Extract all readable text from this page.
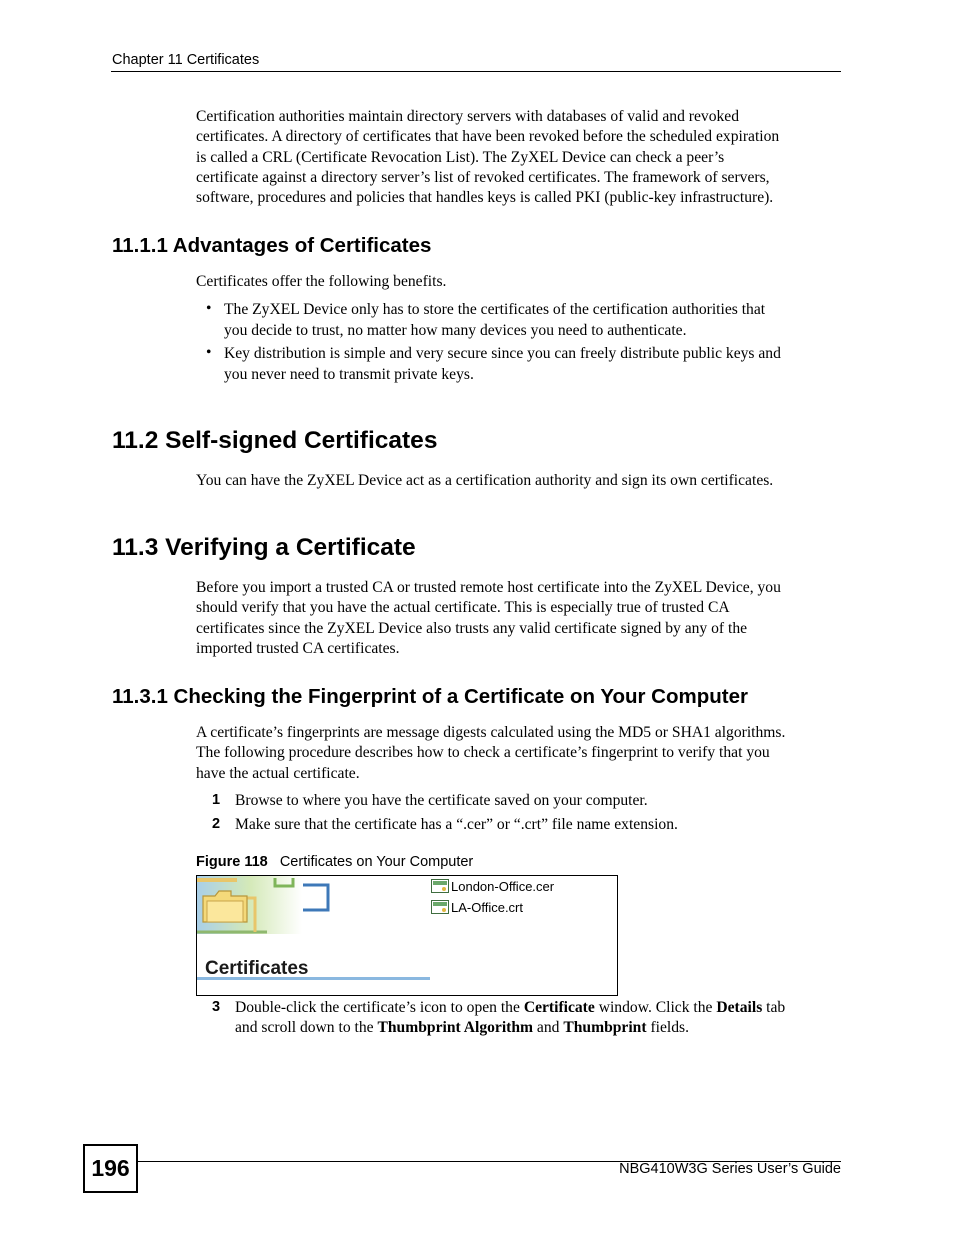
Chapter 11 Certificates
Certification authorities maintain directory servers with databases of valid and revoked
certificates. A directory of certificates that have been revoked before the scheduled expiration
is called a CRL (Certificate Revocation List). The ZyXEL Device can check a peer’s
certificate against a directory server’s list of revoked certificates. The framework of servers,
software, procedures and policies that handles keys is called PKI (public-key infrastructure).
11.1.1 Advantages of Certificates
Certificates offer the following benefits.
• The ZyXEL Device only has to store the certificates of the certification authorities that
you decide to trust, no matter how many devices you need to authenticate.
• Key distribution is simple and very secure since you can freely distribute public keys and
you never need to transmit private keys.
11.2 Self-signed Certificates
You can have the ZyXEL Device act as a certification authority and sign its own certificates.
11.3 Verifying a Certificate
Before you import a trusted CA or trusted remote host certificate into the ZyXEL Device, you
should verify that you have the actual certificate. This is especially true of trusted CA
certificates since the ZyXEL Device also trusts any valid certificate signed by any of the
imported trusted CA certificates.
11.3.1 Checking the Fingerprint of a Certificate on Your Computer
A certificate’s fingerprints are message digests calculated using the MD5 or SHA1 algorithms.
The following procedure describes how to check a certificate’s fingerprint to verify that you
have the actual certificate.
1 Browse to where you have the certificate saved on your computer.
2 Make sure that the certificate has a “.cer” or “.crt” file name extension.
Figure 118 Certificates on Your Computer
Certificates
London-Office.cer
LA-Office.crt
3 Double-click the certificate’s icon to open the Certificate window. Click the Details tab
and scroll down to the Thumbprint Algorithm and Thumbprint fields.
196	NBG410W3G Series User’s Guide
